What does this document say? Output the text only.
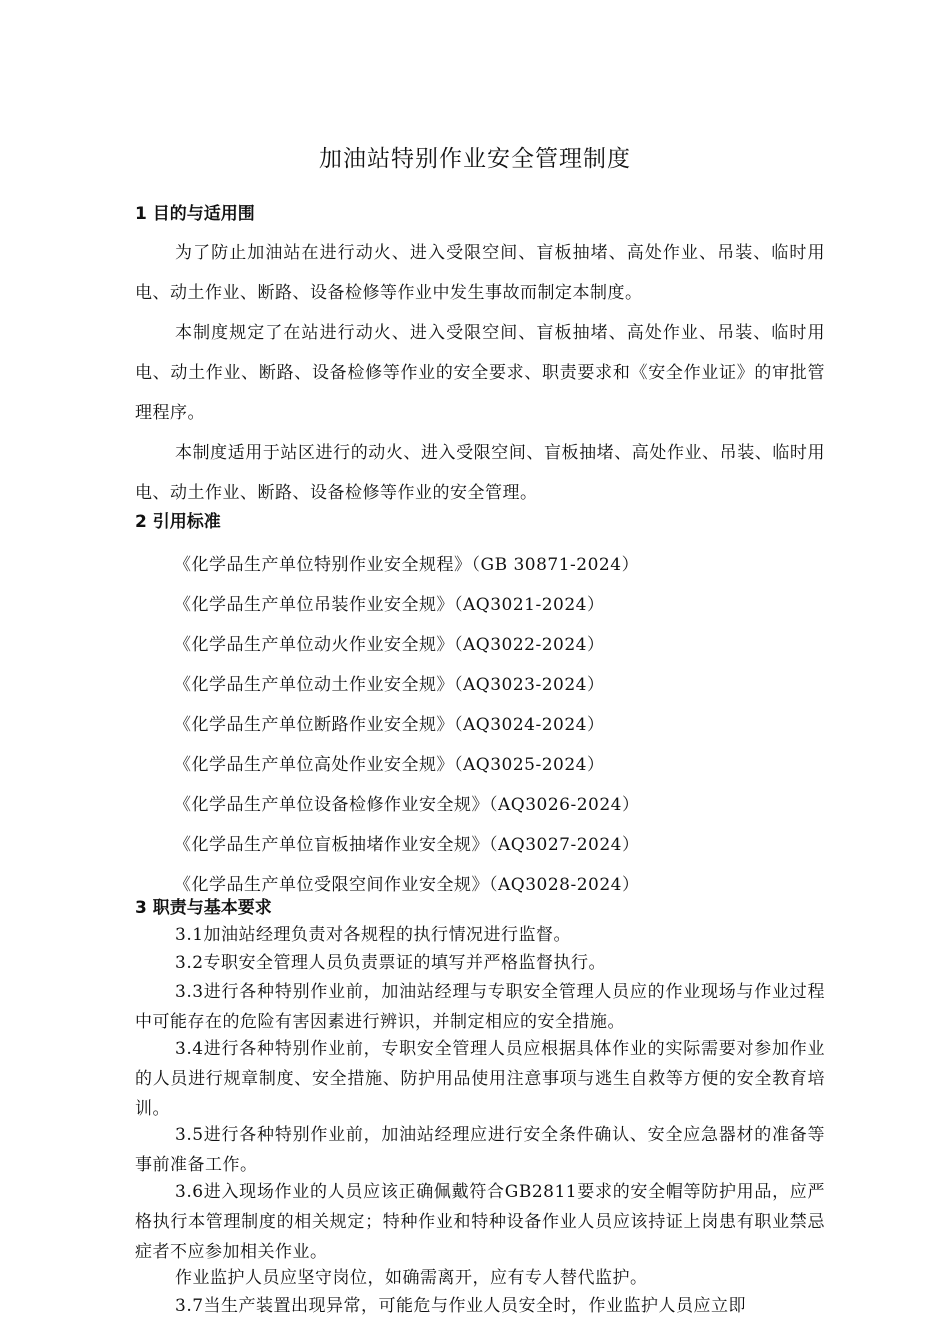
加油站特别作业安全管理制度
1 目的与适用围
为了防止加油站在进行动火、进入受限空间、盲板抽堵、高处作业、吊装、临时用电、动土作业、断路、设备检修等作业中发生事故而制定本制度。
本制度规定了在站进行动火、进入受限空间、盲板抽堵、高处作业、吊装、临时用电、动土作业、断路、设备检修等作业的安全要求、职责要求和《安全作业证》的审批管理程序。
本制度适用于站区进行的动火、进入受限空间、盲板抽堵、高处作业、吊装、临时用电、动土作业、断路、设备检修等作业的安全管理。
2 引用标准
《化学品生产单位特别作业安全规程》（GB 30871-2024）
《化学品生产单位吊装作业安全规》（AQ3021-2024）
《化学品生产单位动火作业安全规》（AQ3022-2024）
《化学品生产单位动土作业安全规》（AQ3023-2024）
《化学品生产单位断路作业安全规》（AQ3024-2024）
《化学品生产单位高处作业安全规》（AQ3025-2024）
《化学品生产单位设备检修作业安全规》（AQ3026-2024）
《化学品生产单位盲板抽堵作业安全规》（AQ3027-2024）
《化学品生产单位受限空间作业安全规》（AQ3028-2024）
3 职责与基本要求
3.1加油站经理负责对各规程的执行情况进行监督。
3.2专职安全管理人员负责票证的填写并严格监督执行。
3.3进行各种特别作业前，加油站经理与专职安全管理人员应的作业现场与作业过程中可能存在的危险有害因素进行辨识，并制定相应的安全措施。
3.4进行各种特别作业前，专职安全管理人员应根据具体作业的实际需要对参加作业的人员进行规章制度、安全措施、防护用品使用注意事项与逃生自救等方便的安全教育培训。
3.5进行各种特别作业前，加油站经理应进行安全条件确认、安全应急器材的准备等事前准备工作。
3.6进入现场作业的人员应该正确佩戴符合GB2811要求的安全帽等防护用品，应严格执行本管理制度的相关规定；特种作业和特种设备作业人员应该持证上岗患有职业禁忌症者不应参加相关作业。
作业监护人员应坚守岗位，如确需离开，应有专人替代监护。
3.7当生产装置出现异常，可能危与作业人员安全时，作业监护人员应立即
